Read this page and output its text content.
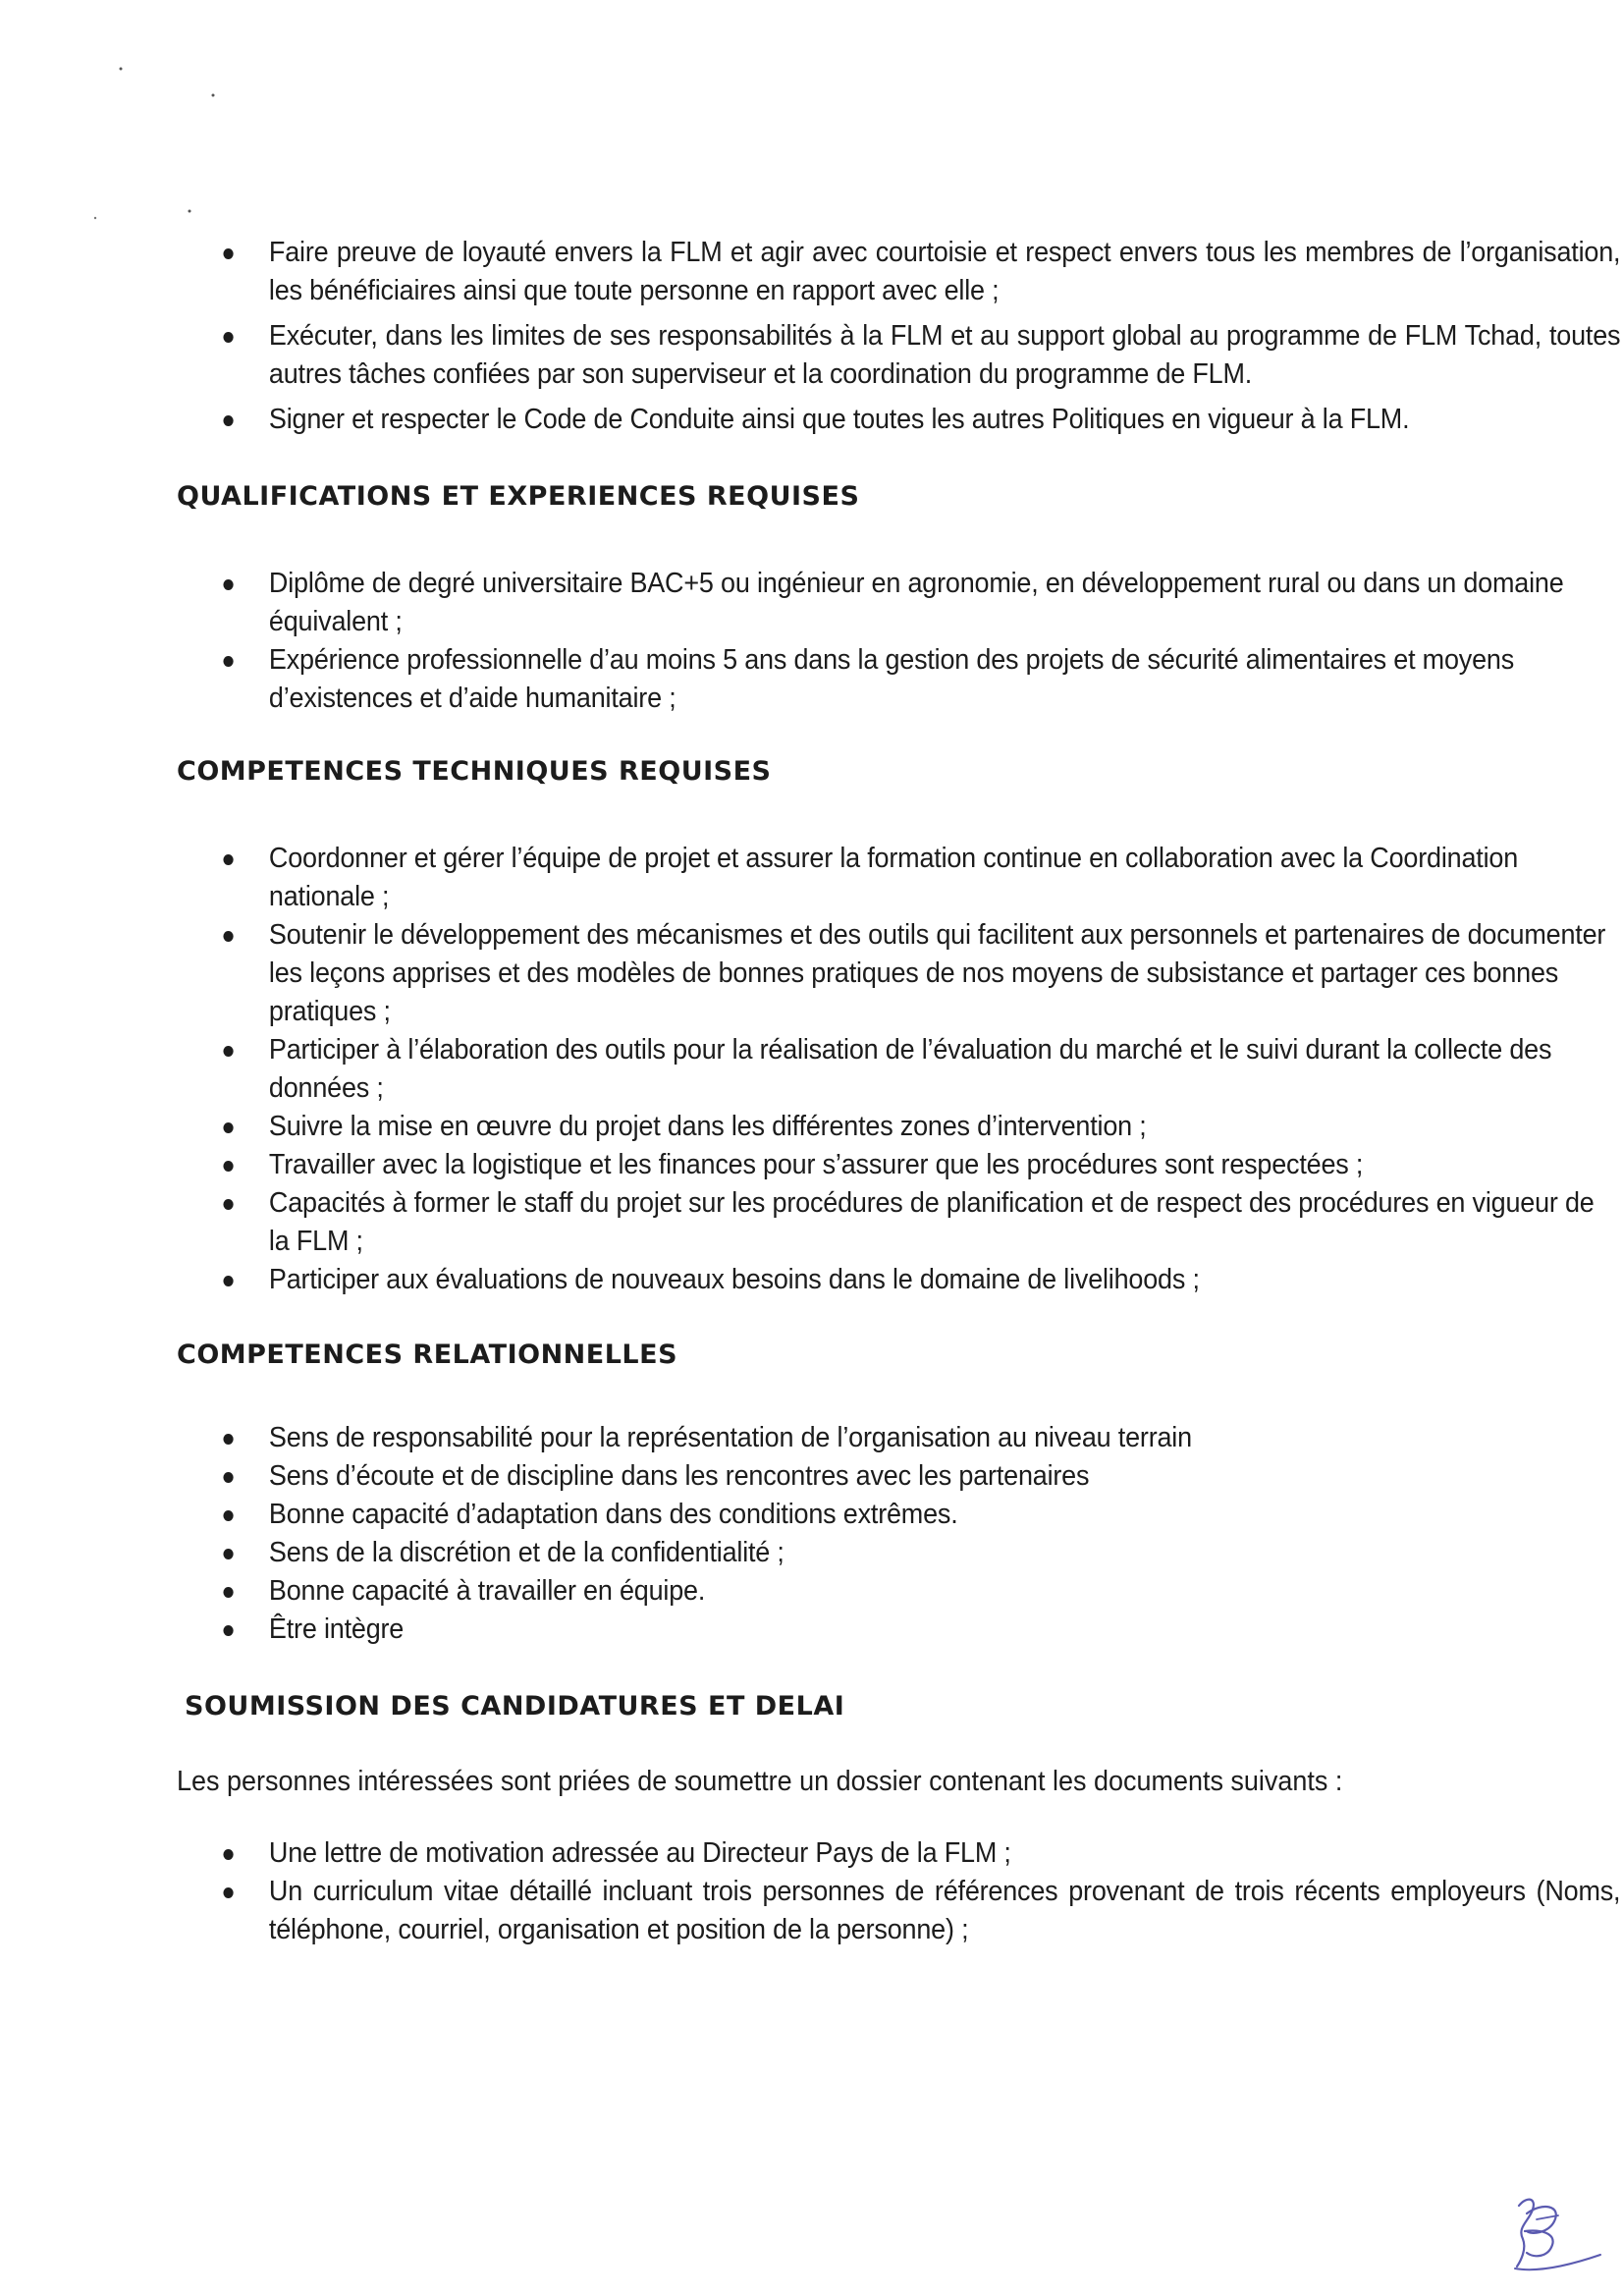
Faire preuve de loyauté envers la FLM et agir avec courtoisie et respect envers tous les membres de l’organisation, les bénéficiaires ainsi que toute personne en rapport avec elle ;
Exécuter, dans les limites de ses responsabilités à la FLM et au support global au programme de FLM Tchad, toutes autres tâches confiées par son superviseur et la coordination du programme de FLM.
Signer et respecter le Code de Conduite ainsi que toutes les autres Politiques en vigueur à la FLM.
QUALIFICATIONS ET EXPERIENCES REQUISES
Diplôme de degré universitaire BAC+5 ou ingénieur en agronomie, en développement rural ou dans un domaine équivalent ;
Expérience professionnelle d’au moins 5 ans dans la gestion des projets de sécurité alimentaires et moyens d’existences et d’aide humanitaire ;
COMPETENCES TECHNIQUES REQUISES
Coordonner et gérer l’équipe de projet et assurer la formation continue en collaboration avec la Coordination nationale ;
Soutenir le développement des mécanismes et des outils qui facilitent aux personnels et partenaires de documenter les leçons apprises et des modèles de bonnes pratiques de nos moyens de subsistance et partager ces bonnes pratiques ;
Participer à l’élaboration des outils pour la réalisation de l’évaluation du marché et le suivi durant la collecte des données ;
Suivre la mise en œuvre du projet dans les différentes zones d’intervention ;
Travailler avec la logistique et les finances pour s’assurer que les procédures sont respectées ;
Capacités à former le staff du projet sur les procédures de planification et de respect des procédures en vigueur de la FLM ;
Participer aux évaluations de nouveaux besoins dans le domaine de livelihoods ;
COMPETENCES RELATIONNELLES
Sens de responsabilité pour la représentation de l’organisation au niveau terrain
Sens d’écoute et de discipline dans les rencontres avec les partenaires
Bonne capacité d’adaptation dans des conditions extrêmes.
Sens de la discrétion et de la confidentialité ;
Bonne capacité à travailler en équipe.
Être intègre
SOUMISSION DES CANDIDATURES ET DELAI

Les personnes intéressées sont priées de soumettre un dossier contenant les documents suivants :

Une lettre de motivation adressée au Directeur Pays de la FLM ;
Un curriculum vitae détaillé incluant trois personnes de références provenant de trois récents employeurs (Noms, téléphone, courriel, organisation et position de la personne) ;
